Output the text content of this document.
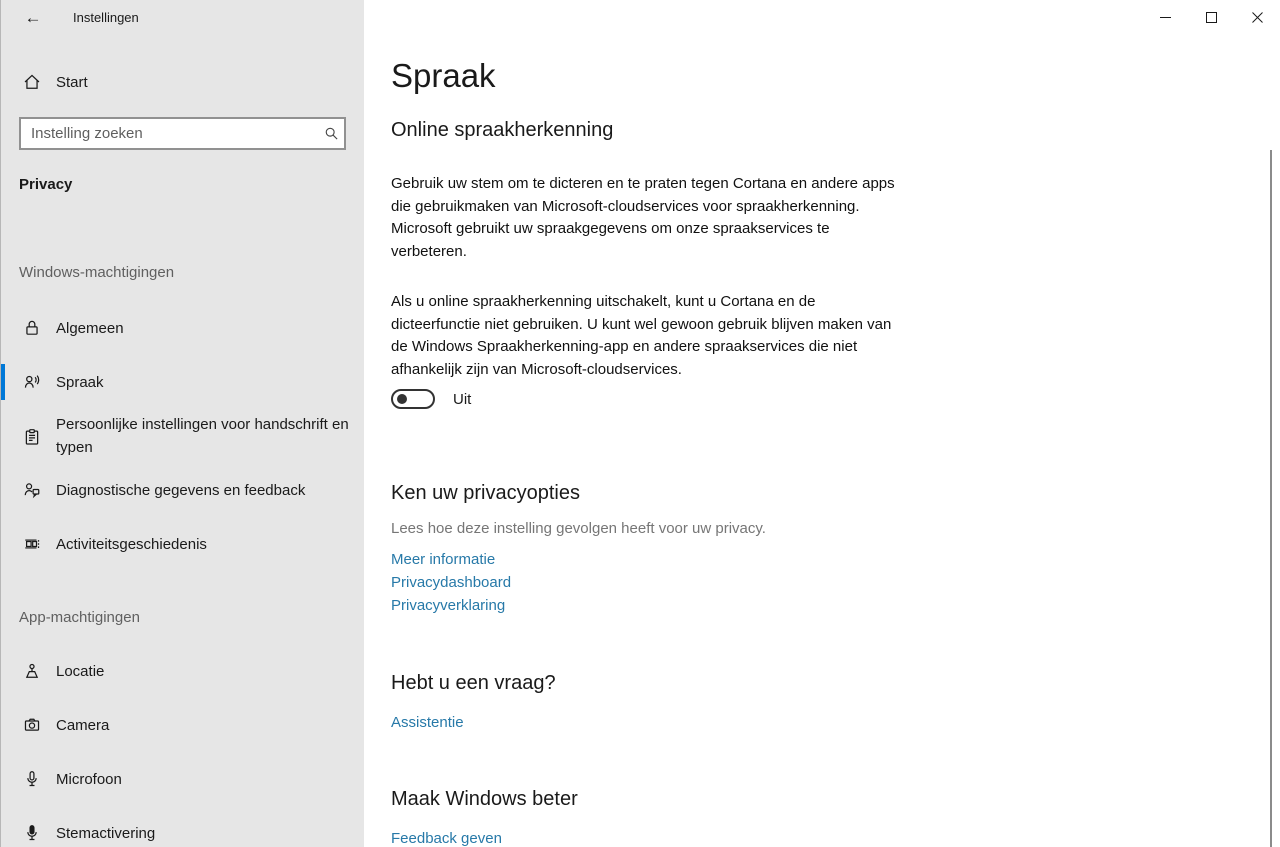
← Instellingen
Start
Instelling zoeken
Privacy
Windows-machtigingen
Algemeen
Spraak
Persoonlijke instellingen voor handschrift en typen
Diagnostische gegevens en feedback
Activiteitsgeschiedenis
App-machtigingen
Locatie
Camera
Microfoon
Stemactivering
Spraak
Online spraakherkenning

Gebruik uw stem om te dicteren en te praten tegen Cortana en andere apps die gebruikmaken van Microsoft-cloudservices voor spraakherkenning. Microsoft gebruikt uw spraakgegevens om onze spraakservices te verbeteren.

Als u online spraakherkenning uitschakelt, kunt u Cortana en de dicteerfunctie niet gebruiken. U kunt wel gewoon gebruik blijven maken van de Windows Spraakherkenning-app en andere spraakservices die niet afhankelijk zijn van Microsoft-cloudservices.

Uit
Ken uw privacyopties
Lees hoe deze instelling gevolgen heeft voor uw privacy.
Meer informatie
Privacydashboard
Privacyverklaring
Hebt u een vraag?
Assistentie
Maak Windows beter
Feedback geven
